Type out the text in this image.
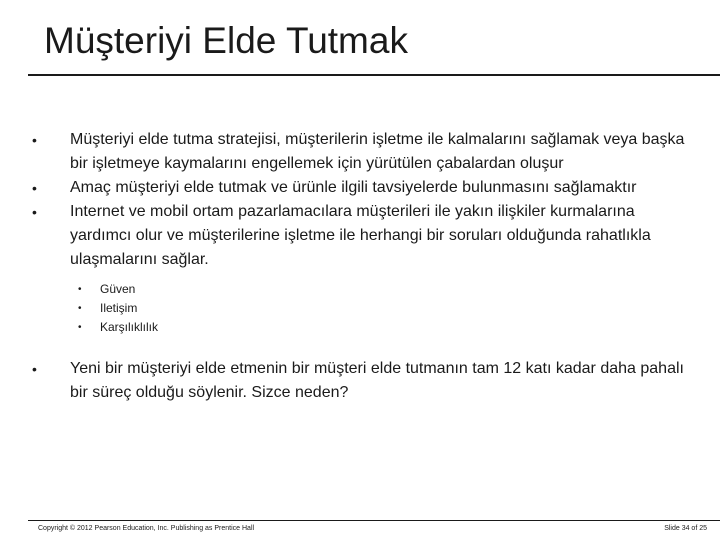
Müşteriyi Elde Tutmak
• Müşteriyi elde tutma stratejisi, müşterilerin işletme ile kalmalarını sağlamak veya başka bir işletmeye kaymalarını engellemek için yürütülen çabalardan oluşur
• Amaç müşteriyi elde tutmak ve ürünle ilgili tavsiyelerde bulunmasını sağlamaktır
• Internet ve mobil ortam pazarlamacılara müşterileri ile yakın ilişkiler kurmalarına yardımcı olur ve müşterilerine işletme ile herhangi bir soruları olduğunda rahatlıkla ulaşmalarını sağlar.
• Güven
• Iletişim
• Karşılıklılık
• Yeni bir müşteriyi elde etmenin bir müşteri elde tutmanın tam 12 katı kadar daha pahalı bir süreç olduğu söylenir. Sizce neden?
Copyright © 2012 Pearson Education, Inc. Publishing as Prentice Hall	Slide 34 of 25
